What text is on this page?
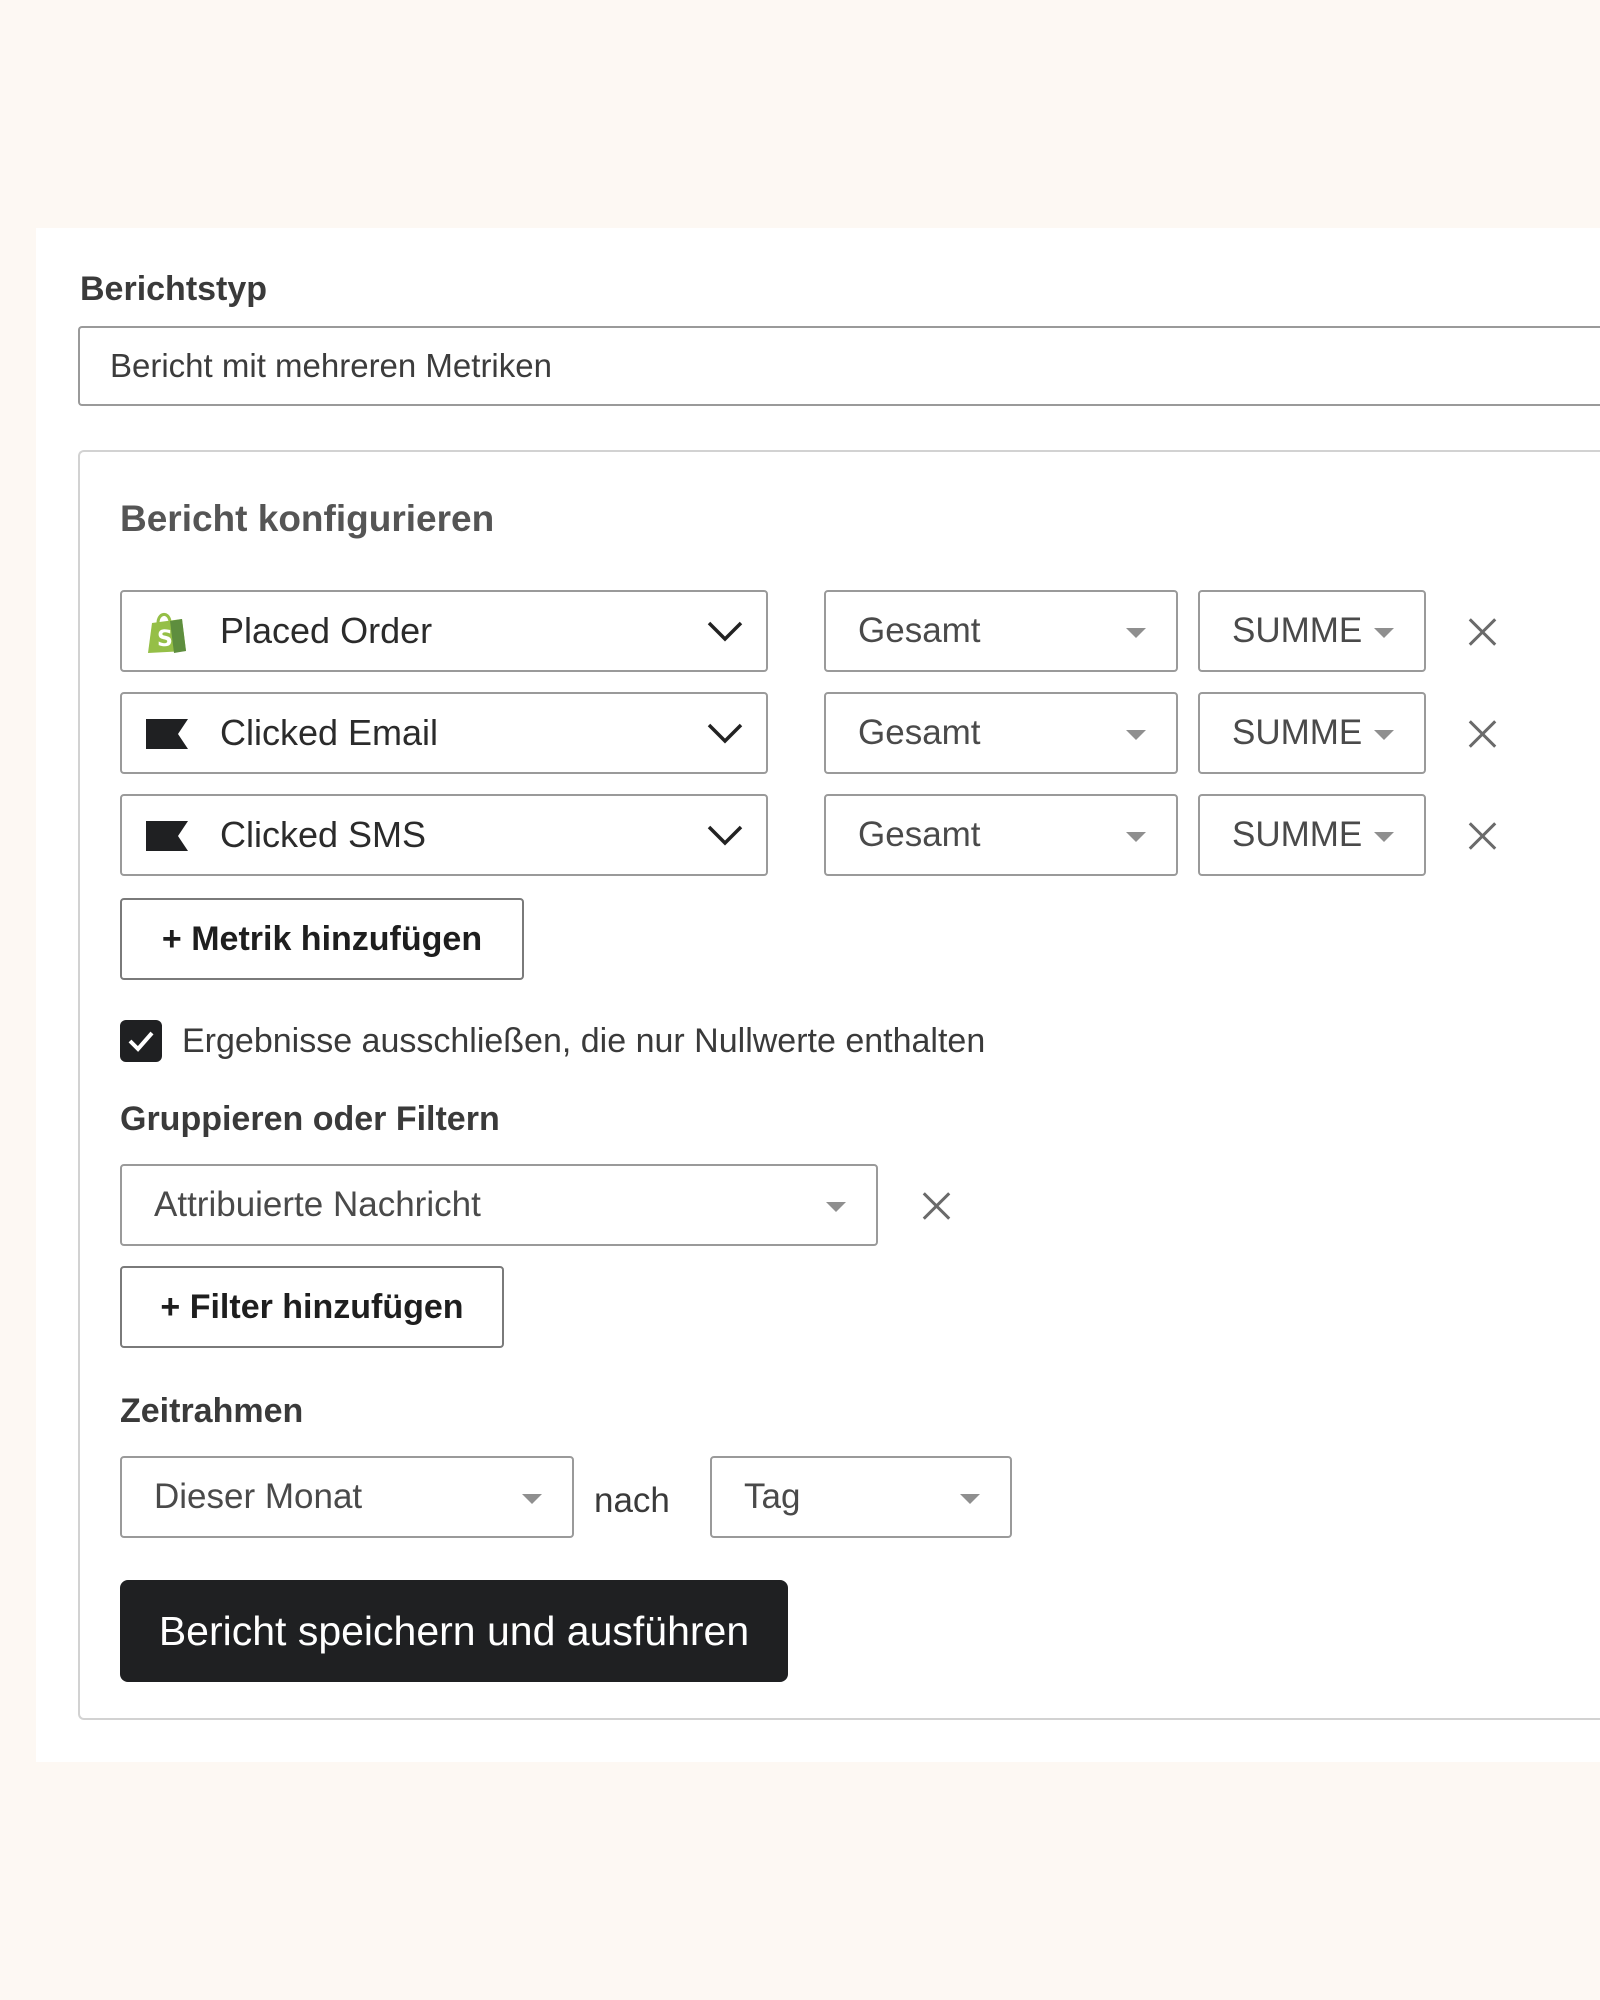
Berichtstyp
Bericht mit mehreren Metriken
Bericht konfigurieren
S Placed Order	Gesamt	SUMME
Clicked Email	Gesamt	SUMME
Clicked SMS	Gesamt	SUMME
+ Metrik hinzufügen
Ergebnisse ausschließen, die nur Nullwerte enthalten
Gruppieren oder Filtern
Attribuierte Nachricht
+ Filter hinzufügen
Zeitrahmen
Dieser Monat	nach Tag
Bericht speichern und ausführen
